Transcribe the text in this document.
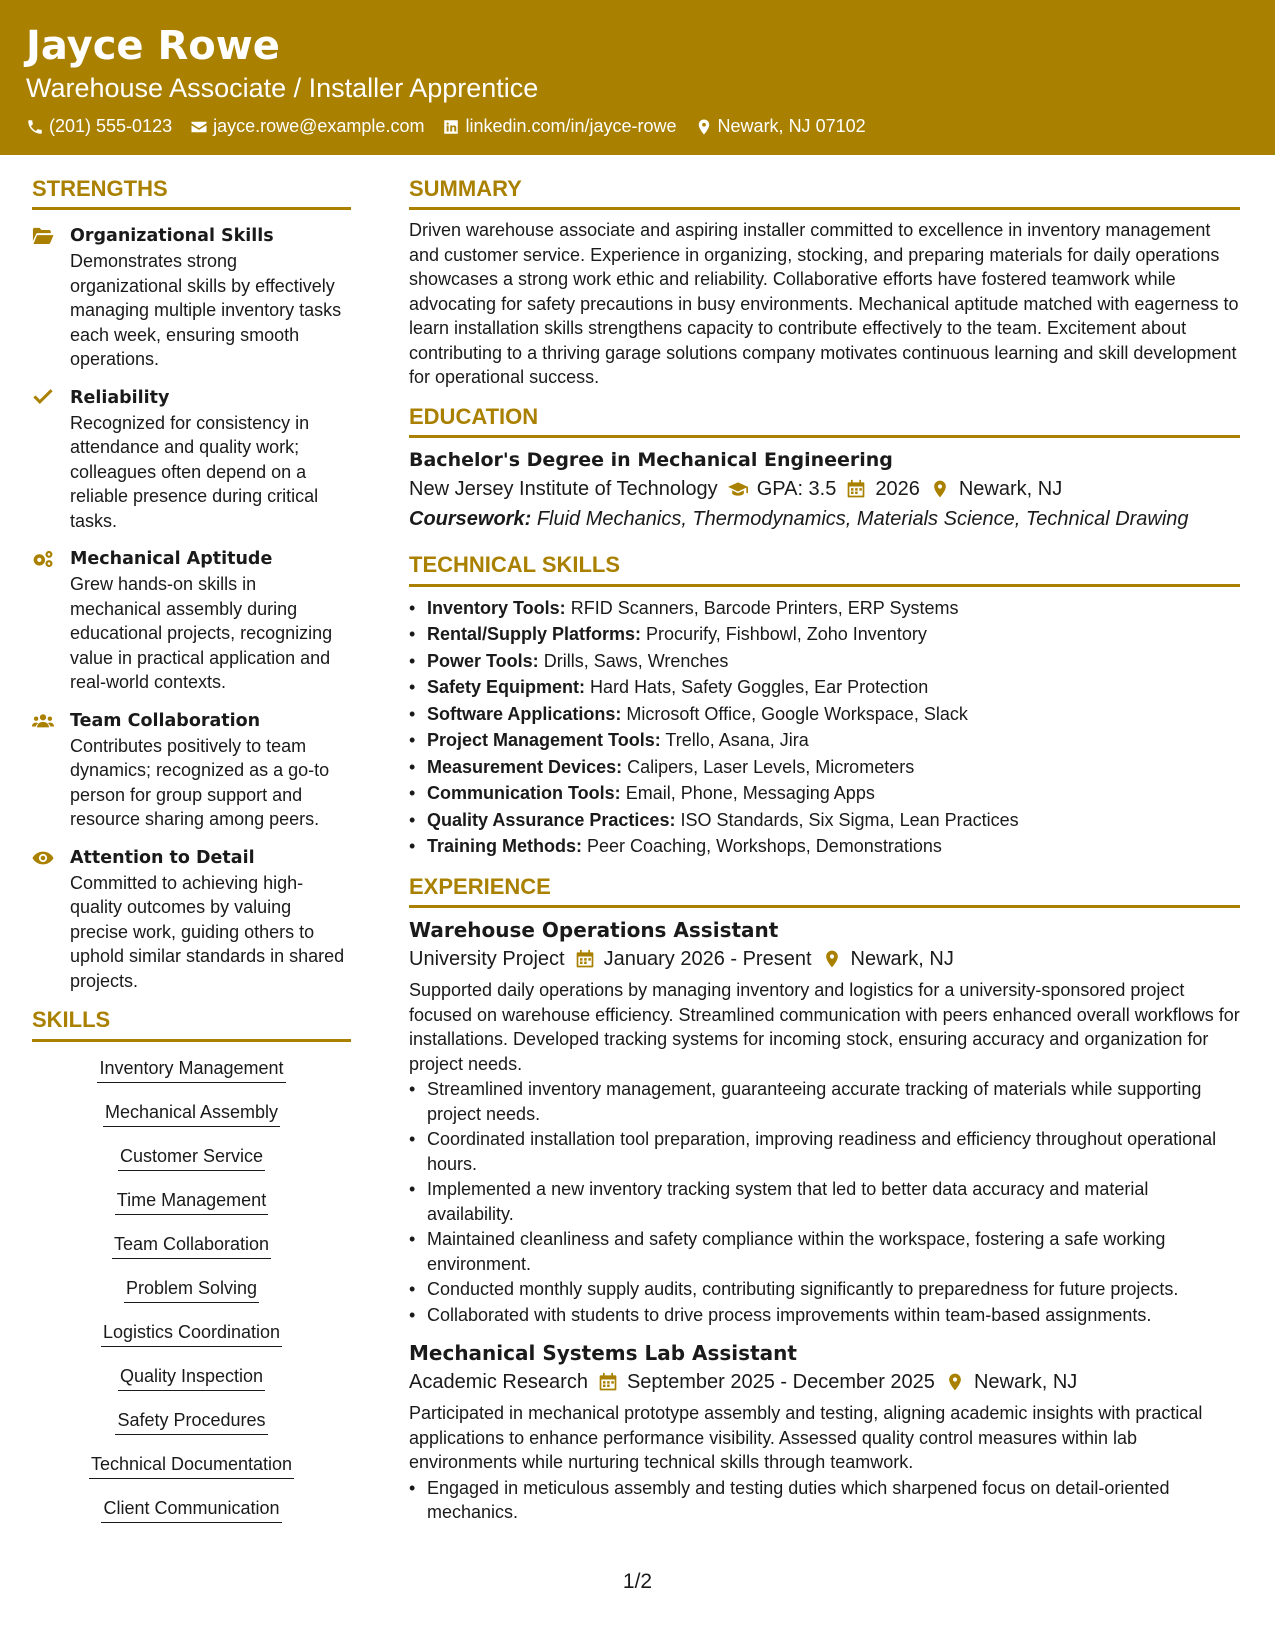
Jayce Rowe
Warehouse Associate / Installer Apprentice
(201) 555-0123 jayce.rowe@example.com linkedin.com/in/jayce-rowe Newark, NJ 07102
STRENGTHS
Organizational Skills
Demonstrates strong organizational skills by effectively managing multiple inventory tasks each week, ensuring smooth operations.
Reliability
Recognized for consistency in attendance and quality work; colleagues often depend on a reliable presence during critical tasks.
Mechanical Aptitude
Grew hands-on skills in mechanical assembly during educational projects, recognizing value in practical application and real-world contexts.
Team Collaboration
Contributes positively to team dynamics; recognized as a go-to person for group support and resource sharing among peers.
Attention to Detail
Committed to achieving high-quality outcomes by valuing precise work, guiding others to uphold similar standards in shared projects.
SKILLS
Inventory Management
Mechanical Assembly
Customer Service
Time Management
Team Collaboration
Problem Solving
Logistics Coordination
Quality Inspection
Safety Procedures
Technical Documentation
Client Communication
SUMMARY
Driven warehouse associate and aspiring installer committed to excellence in inventory management and customer service. Experience in organizing, stocking, and preparing materials for daily operations showcases a strong work ethic and reliability. Collaborative efforts have fostered teamwork while advocating for safety precautions in busy environments. Mechanical aptitude matched with eagerness to learn installation skills strengthens capacity to contribute effectively to the team. Excitement about contributing to a thriving garage solutions company motivates continuous learning and skill development for operational success.
EDUCATION
Bachelor's Degree in Mechanical Engineering
New Jersey Institute of Technology GPA: 3.5 2026 Newark, NJ
Coursework: Fluid Mechanics, Thermodynamics, Materials Science, Technical Drawing
TECHNICAL SKILLS
• Inventory Tools: RFID Scanners, Barcode Printers, ERP Systems
• Rental/Supply Platforms: Procurify, Fishbowl, Zoho Inventory
• Power Tools: Drills, Saws, Wrenches
• Safety Equipment: Hard Hats, Safety Goggles, Ear Protection
• Software Applications: Microsoft Office, Google Workspace, Slack
• Project Management Tools: Trello, Asana, Jira
• Measurement Devices: Calipers, Laser Levels, Micrometers
• Communication Tools: Email, Phone, Messaging Apps
• Quality Assurance Practices: ISO Standards, Six Sigma, Lean Practices
• Training Methods: Peer Coaching, Workshops, Demonstrations
EXPERIENCE
Warehouse Operations Assistant
University Project January 2026 - Present Newark, NJ
Supported daily operations by managing inventory and logistics for a university-sponsored project focused on warehouse efficiency. Streamlined communication with peers enhanced overall workflows for installations. Developed tracking systems for incoming stock, ensuring accuracy and organization for project needs.
• Streamlined inventory management, guaranteeing accurate tracking of materials while supporting project needs.
• Coordinated installation tool preparation, improving readiness and efficiency throughout operational hours.
• Implemented a new inventory tracking system that led to better data accuracy and material availability.
• Maintained cleanliness and safety compliance within the workspace, fostering a safe working environment.
• Conducted monthly supply audits, contributing significantly to preparedness for future projects.
• Collaborated with students to drive process improvements within team-based assignments.
Mechanical Systems Lab Assistant
Academic Research September 2025 - December 2025 Newark, NJ
Participated in mechanical prototype assembly and testing, aligning academic insights with practical applications to enhance performance visibility. Assessed quality control measures within lab environments while nurturing technical skills through teamwork.
• Engaged in meticulous assembly and testing duties which sharpened focus on detail-oriented mechanics.
1/2
